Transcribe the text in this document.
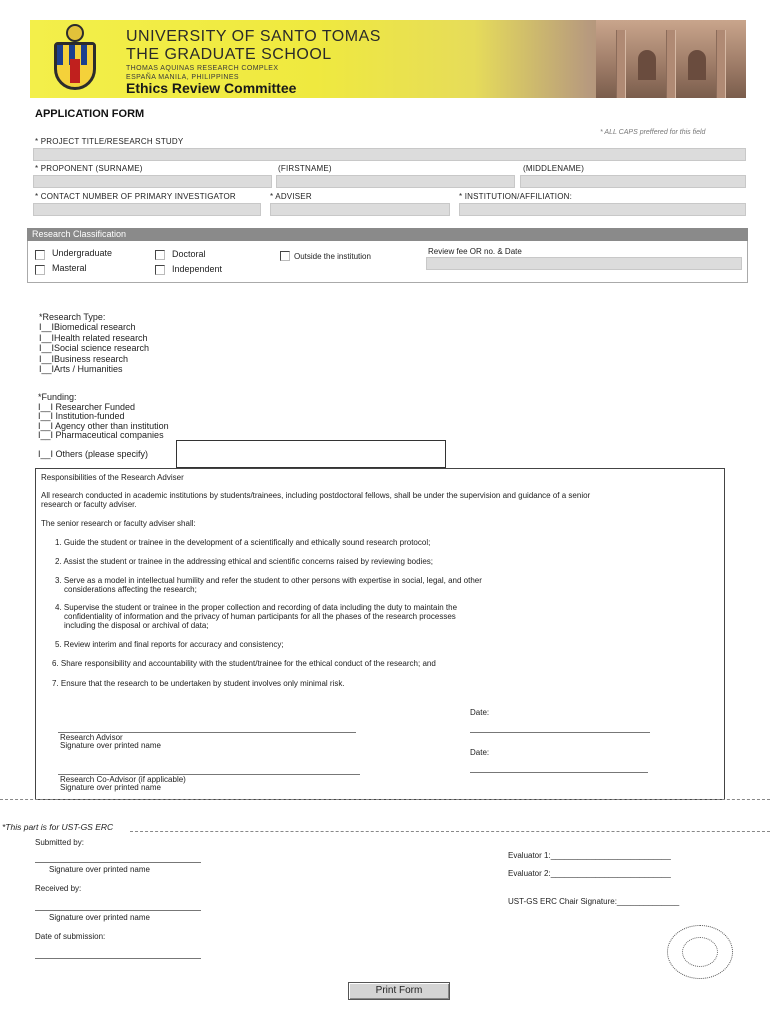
UNIVERSITY OF SANTO TOMAS
THE GRADUATE SCHOOL
THOMAS AQUINAS RESEARCH COMPLEX
ESPAÑA MANILA, PHILIPPINES
Ethics Review Committee
APPLICATION FORM
* ALL CAPS preffered for this field
* PROJECT TITLE/RESEARCH STUDY
* PROPONENT (SURNAME)	(FIRSTNAME)	(MIDDLENAME)
* CONTACT NUMBER OF PRIMARY INVESTIGATOR	* ADVISER	* INSTITUTION/AFFILIATION:
Research Classification
Undergraduate
Masteral
Doctoral
Independent
Outside the institution
Review fee OR no. & Date
*Research Type:
I__IBiomedical research
I__IHealth related research
I__ISocial science research
I__IBusiness research
I__IArts / Humanities
*Funding:
I__I Researcher Funded
I__I Institution-funded
I__I Agency other than institution
I__I Pharmaceutical companies
I__I Others (please specify)
Responsibilities of the Research Adviser
All research conducted in academic institutions by students/trainees, including postdoctoral fellows, shall be under the supervision and guidance of a senior
research or faculty adviser.
The senior research or faculty adviser shall:
1. Guide the student or trainee in the development of a scientifically and ethically sound research protocol;
2. Assist the student or trainee in the addressing ethical and scientific concerns raised by reviewing bodies;
3. Serve as a model in intellectual humility and refer the student to other persons with expertise in social, legal, and other
considerations affecting the research;
4. Supervise the student or trainee in the proper collection and recording of data including the duty to maintain the
confidentiality of information and the privacy of human participants for all the phases of the research processes
including the disposal or archival of data;
5. Review interim and final reports for accuracy and consistency;
6. Share responsibility and accountability with the student/trainee for the ethical conduct of the research; and
7. Ensure that the research to be undertaken by student involves only minimal risk.
Date:
Research Advisor
Signature over printed name
Date:
Research Co-Advisor (if applicable)
Signature over printed name
*This part is for UST-GS ERC
Submitted by:
Signature over printed name
Received by:
Signature over printed name
Date of submission:
Evaluator 1:___________________________
Evaluator 2:___________________________
UST-GS ERC Chair Signature:______________
Print Form
